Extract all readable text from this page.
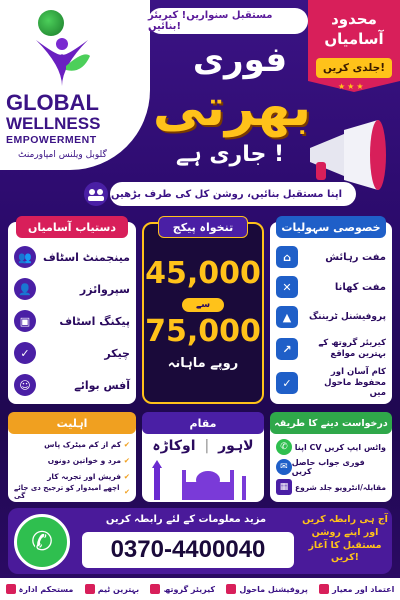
GLOBAL
WELLNESS
EMPOWERMENT
گلوبل ویلنس امپاورمنٹ
مستقبل سنواریں! کیریئر بنائیں!	محدود
آسامیاں
جلدی کریں!
★★★
فوری
بھرتی
جاری ہے !
اپنا مستقبل بنائیں، روشن کل کی طرف بڑھیں
دستیاب آسامیاں
👥	مینجمنٹ اسٹاف
👤	سپروائزر
▣	پیکنگ اسٹاف
✓	چیکر
☺	آفس بوائے
تنخواہ پیکج
45,000
سے
75,000
روپے ماہانہ
خصوصی سہولیات
⌂	مفت رہائش
✕	مفت کھانا
▲	پروفیشنل ٹریننگ
↗	کیریئر گروتھ کے بہترین مواقع
✓
کام آسان اور محفوظ ماحول میں
اہلیت
کم از کم میٹرک پاس
✔
مرد و خواتین دونوں
✔
فریش اور تجربہ کار
✔
اچھے امیدوار کو ترجیح دی جائے گی
	✔
مقام
اوکاڑہ | لاہور
درخواست دینے کا طریقہ
✆ اپنا CV واٹس ایپ کریں
✉ فوری جواب حاصل کریں
▦ مقابلہ/انٹرویو جلد شروع
✆
مزید معلومات کے لئے رابطہ کریں
0370-4400040
آج ہی رابطہ کریں
اور اپنے روشن
مستقبل کا آغاز کریں!
مستحکم ادارہ	بہترین ٹیم	کیریئر گروتھ	پروفیشنل ماحول	اعتماد اور معیار
